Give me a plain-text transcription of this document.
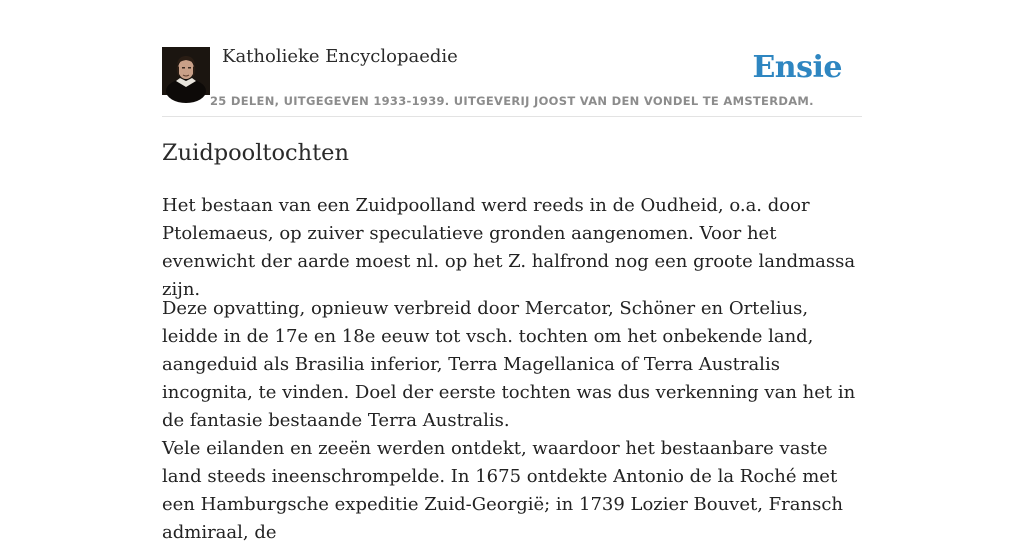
Katholieke Encyclopaedie	Ensie
25 DELEN, UITGEGEVEN 1933-1939. UITGEVERIJ JOOST VAN DEN VONDEL TE AMSTERDAM.
Zuidpooltochten

Het bestaan van een Zuidpoolland werd reeds in de Oudheid, o.a. door Ptolemaeus, op zuiver speculatieve gronden aangenomen. Voor het evenwicht der aarde moest nl. op het Z. halfrond nog een groote landmassa zijn.

Deze opvatting, opnieuw verbreid door Mercator, Schöner en Ortelius, leidde in de 17e en 18e eeuw tot vsch. tochten om het onbekende land, aangeduid als Brasilia inferior, Terra Magellanica of Terra Australis incognita, te vinden. Doel der eerste tochten was dus verkenning van het in de fantasie bestaande Terra Australis.

Vele eilanden en zeeën werden ontdekt, waardoor het bestaanbare vaste land steeds ineenschrompelde. In 1675 ontdekte Antonio de la Roché met een Hamburgsche expeditie Zuid-Georgië; in 1739 Lozier Bouvet, Fransch admiraal, de
